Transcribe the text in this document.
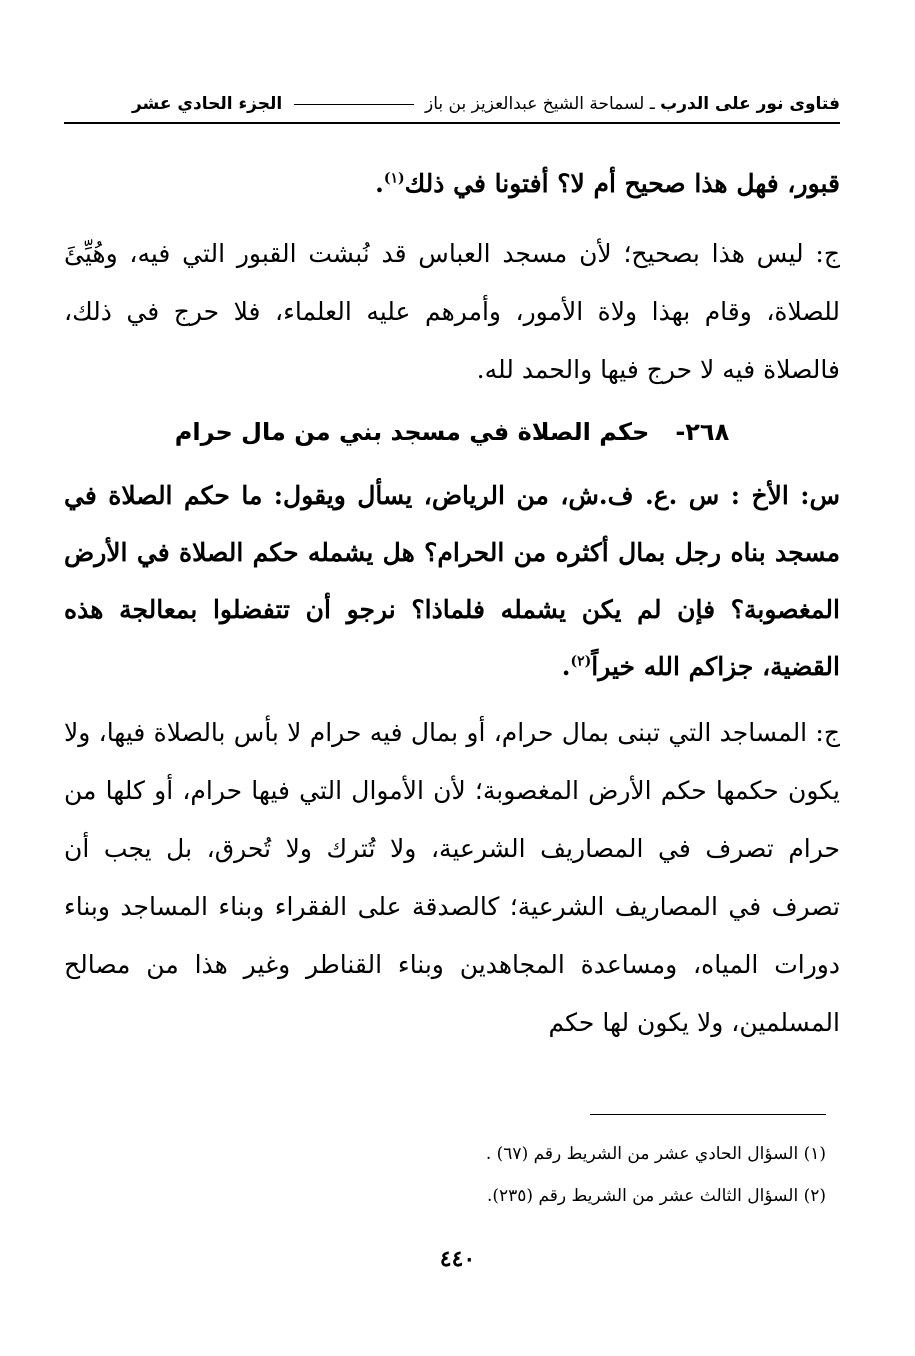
فتاوى نور على الدرب ـ لسماحة الشيخ عبدالعزيز بن باز  الجزء الحادي عشر
قبور، فهل هذا صحيح أم لا؟ أفتونا في ذلك$^{(١)}$.
ج: ليس هذا بصحيح؛ لأن مسجد العباس قد نُبشت القبور التي فيه، وهُيِّئَ للصلاة، وقام بهذا ولاة الأمور، وأمرهم عليه العلماء، فلا حرج في ذلك، فالصلاة فيه لا حرج فيها والحمد لله.
٢٦٨-حكم الصلاة في مسجد بني من مال حرام
س: الأخ : س .ع. ف.ش، من الرياض، يسأل ويقول: ما حكم الصلاة في مسجد بناه رجل بمال أكثره من الحرام؟ هل يشمله حكم الصلاة في الأرض المغصوبة؟ فإن لم يكن يشمله فلماذا؟ نرجو أن تتفضلوا بمعالجة هذه القضية، جزاكم الله خيراً$^{(٢)}$.
ج: المساجد التي تبنى بمال حرام، أو بمال فيه حرام لا بأس بالصلاة فيها، ولا يكون حكمها حكم الأرض المغصوبة؛ لأن الأموال التي فيها حرام، أو كلها من حرام تصرف في المصاريف الشرعية، ولا تُترك ولا تُحرق، بل يجب أن تصرف في المصاريف الشرعية؛ كالصدقة على الفقراء وبناء المساجد وبناء دورات المياه، ومساعدة المجاهدين وبناء القناطر وغير هذا من مصالح المسلمين، ولا يكون لها حكم
(١) السؤال الحادي عشر من الشريط رقم (٦٧) .
(٢) السؤال الثالث عشر من الشريط رقم (٢٣٥).
٤٤٠
